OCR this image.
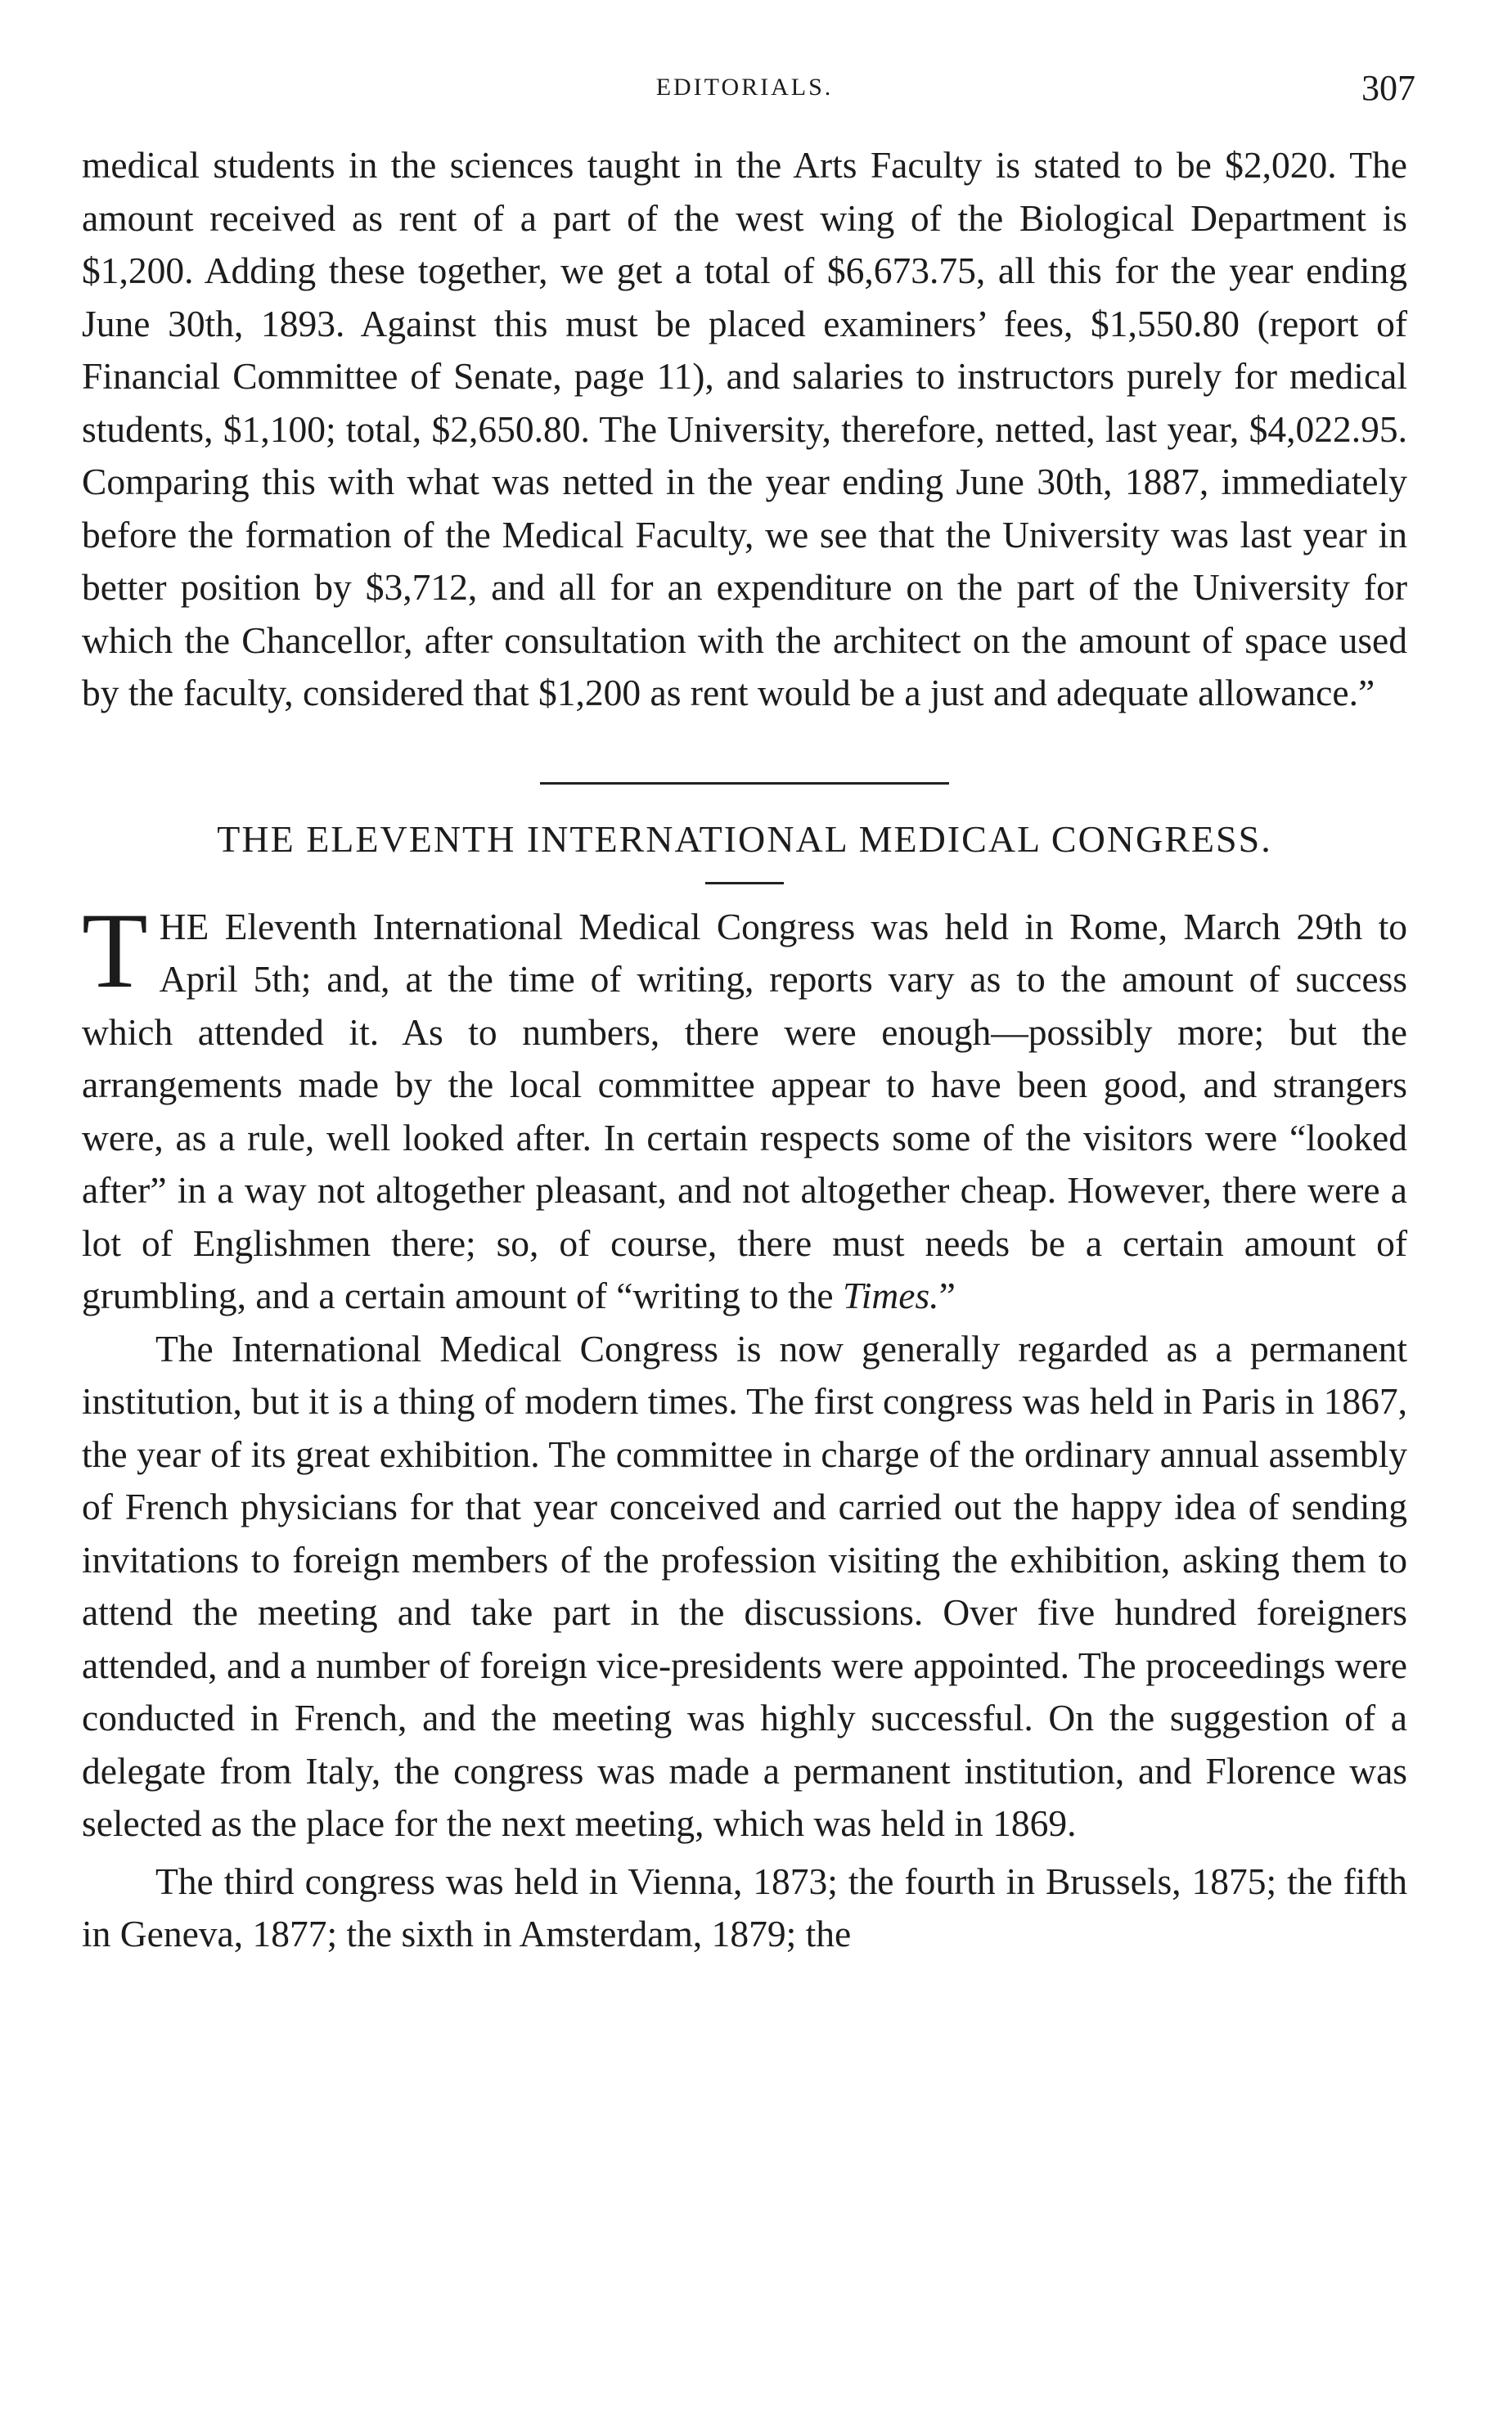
EDITORIALS.	307

medical students in the sciences taught in the Arts Faculty is stated to be $2,020. The amount received as rent of a part of the west wing of the Biological Department is $1,200. Adding these together, we get a total of $6,673.75, all this for the year ending June 30th, 1893. Against this must be placed examiners’ fees, $1,550.80 (report of Financial Committee of Senate, page 11), and salaries to instructors purely for medical students, $1,100; total, $2,650.80. The University, therefore, netted, last year, $4,022.95. Comparing this with what was netted in the year ending June 30th, 1887, immediately before the formation of the Medical Faculty, we see that the University was last year in better position by $3,712, and all for an expenditure on the part of the University for which the Chancellor, after consultation with the architect on the amount of space used by the faculty, considered that $1,200 as rent would be a just and adequate allowance.”

THE ELEVENTH INTERNATIONAL MEDICAL CONGRESS.

THE Eleventh International Medical Congress was held in Rome, March 29th to April 5th; and, at the time of writing, reports vary as to the amount of success which attended it. As to numbers, there were enough—possibly more; but the arrangements made by the local committee appear to have been good, and strangers were, as a rule, well looked after. In certain respects some of the visitors were “looked after” in a way not altogether pleasant, and not altogether cheap. However, there were a lot of Englishmen there; so, of course, there must needs be a certain amount of grumbling, and a certain amount of “writing to the Times.”

The International Medical Congress is now generally regarded as a permanent institution, but it is a thing of modern times. The first congress was held in Paris in 1867, the year of its great exhibition. The committee in charge of the ordinary annual assembly of French physicians for that year conceived and carried out the happy idea of sending invitations to foreign members of the profession visiting the exhibition, asking them to attend the meeting and take part in the discussions. Over five hundred foreigners attended, and a number of foreign vice-presidents were appointed. The proceedings were conducted in French, and the meeting was highly successful. On the suggestion of a delegate from Italy, the congress was made a permanent institution, and Florence was selected as the place for the next meeting, which was held in 1869.

The third congress was held in Vienna, 1873; the fourth in Brussels, 1875; the fifth in Geneva, 1877; the sixth in Amsterdam, 1879; the
